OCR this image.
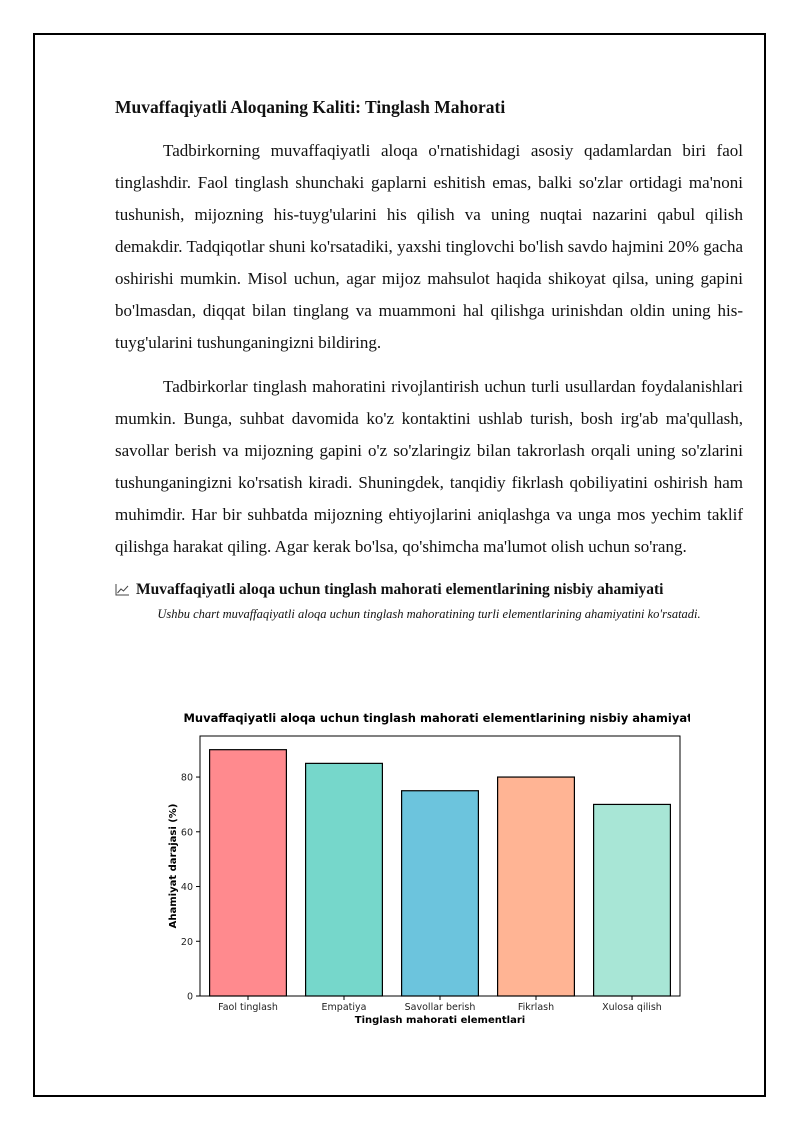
Muvaffaqiyatli Aloqaning Kaliti: Tinglash Mahorati

Tadbirkorning muvaffaqiyatli aloqa o'rnatishidagi asosiy qadamlardan biri faol tinglashdir. Faol tinglash shunchaki gaplarni eshitish emas, balki so'zlar ortidagi ma'noni tushunish, mijozning his-tuyg'ularini his qilish va uning nuqtai nazarini qabul qilish demakdir. Tadqiqotlar shuni ko'rsatadiki, yaxshi tinglovchi bo'lish savdo hajmini 20% gacha oshirishi mumkin. Misol uchun, agar mijoz mahsulot haqida shikoyat qilsa, uning gapini bo'lmasdan, diqqat bilan tinglang va muammoni hal qilishga urinishdan oldin uning his-tuyg'ularini tushunganingizni bildiring.

Tadbirkorlar tinglash mahoratini rivojlantirish uchun turli usullardan foydalanishlari mumkin. Bunga, suhbat davomida ko'z kontaktini ushlab turish, bosh irg'ab ma'qullash, savollar berish va mijozning gapini o'z so'zlaringiz bilan takrorlash orqali uning so'zlarini tushunganingizni ko'rsatish kiradi. Shuningdek, tanqidiy fikrlash qobiliyatini oshirish ham muhimdir. Har bir suhbatda mijozning ehtiyojlarini aniqlashga va unga mos yechim taklif qilishga harakat qiling. Agar kerak bo'lsa, qo'shimcha ma'lumot olish uchun so'rang.

Muvaffaqiyatli aloqa uchun tinglash mahorati elementlarining nisbiy ahamiyati
Ushbu chart muvaffaqiyatli aloqa uchun tinglash mahoratining turli elementlarining ahamiyatini ko'rsatadi.
Muvaffaqiyatli aloqa uchun tinglash mahorati elementlarining nisbiy ahamiyati
Faol tinglash	Empatiya	Savollar berish	Fikrlash	Xulosa qilish
0
20
40
60
80
Tinglash mahorati elementlari
Ahamiyat darajasi (%)
